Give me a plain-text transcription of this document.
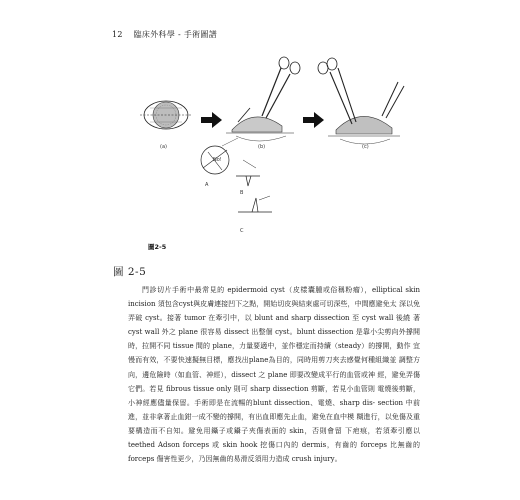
12 臨床外科學 - 手術圖譜
(a)	(b)	(c)
A
B
C
No!
圖2-5
圖 2-5

門診切片手術中最常見的 epidermoid cyst（皮樣囊腫或俗稱粉瘤），elliptical skin incision 須包含cyst與皮膚連接凹下之點，開始切皮與結束處可切深些，中間應避免太 深以免弄破 cyst。接著 tumor 在牽引中，以 blunt and sharp dissection 至 cyst wall 後繞 著 cyst wall 外之 plane 很容易 dissect 出整個 cyst。blunt dissection 是靠小尖剪向外撐開 時，拉開不同 tissue 間的 plane，力量要適中，並作穩定而持續（steady）的撐開，動作 宜慢而有效，不要快速擬無目標，應找出plane為目的，同時用剪刀夾去感覺何種組織並 調整方向，邊危險時（如血管、神經），dissect 之 plane 即要改變成平行的血管或神 經，避免弄傷它們。若見 fibrous tissue only 則可 sharp dissection 剪斷，若見小血管則 電燒後剪斷，小神經應儘量保留。手術即是在流暢的blunt dissection、電燒、sharp dis- section 中前進，並非拿著止血鉗一成不變的撐開，有出血即應先止血，避免在血中模 糊進行，以免傷及重要構造而不自知。避免用鑷子或鑷子夾傷表面的 skin，否則會留 下疤痕，若須牽引應以 teethed Adson forceps 或 skin hook 挖傷口內的 dermis，有齒的 forceps 比無齒的 forceps 傷害性更少，乃因無齒的易滑反須用力造成 crush injury。
